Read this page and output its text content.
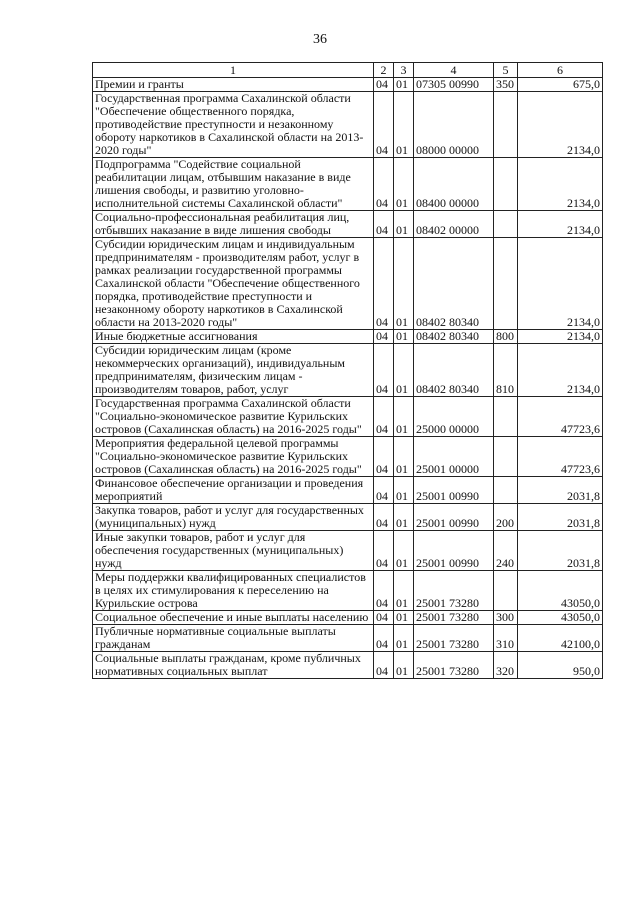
36
1	2	3	4	5	6
Премии и гранты	04	01	07305 00990	350	675,0
Государственная программа Сахалинской области "Обеспечение общественного порядка, противодействие преступности и незаконному обороту наркотиков в Сахалинской области на 2013-2020 годы"	04	01	08000 00000		2134,0
Подпрограмма "Содействие социальной реабилитации лицам, отбывшим наказание в виде лишения свободы, и развитию уголовно-исполнительной системы Сахалинской области"	04	01	08400 00000		2134,0
Социально-профессиональная реабилитация лиц, отбывших наказание в виде лишения свободы	04	01	08402 00000		2134,0
Субсидии юридическим лицам и индивидуальным предпринимателям - производителям работ, услуг в рамках реализации государственной программы Сахалинской области "Обеспечение общественного порядка, противодействие преступности и незаконному обороту наркотиков в Сахалинской области на 2013-2020 годы"	04	01	08402 80340		2134,0
Иные бюджетные ассигнования	04	01	08402 80340	800	2134,0
Субсидии юридическим лицам (кроме некоммерческих организаций), индивидуальным предпринимателям, физическим лицам - производителям товаров, работ, услуг	04	01	08402 80340	810	2134,0
Государственная программа Сахалинской области "Социально-экономическое развитие Курильских островов (Сахалинская область) на 2016-2025 годы"	04	01	25000 00000		47723,6
Мероприятия федеральной целевой программы "Социально-экономическое развитие Курильских островов (Сахалинская область) на 2016-2025 годы"	04	01	25001 00000		47723,6
Финансовое обеспечение организации и проведения мероприятий	04	01	25001 00990		2031,8
Закупка товаров, работ и услуг для государственных (муниципальных) нужд	04	01	25001 00990	200	2031,8
Иные закупки товаров, работ и услуг для обеспечения государственных (муниципальных) нужд	04	01	25001 00990	240	2031,8
Меры поддержки квалифицированных специалистов в целях их стимулирования к переселению на Курильские острова	04	01	25001 73280		43050,0
Социальное обеспечение и иные выплаты населению	04	01	25001 73280	300	43050,0
Публичные нормативные социальные выплаты гражданам	04	01	25001 73280	310	42100,0
Социальные выплаты гражданам, кроме публичных нормативных социальных выплат	04	01	25001 73280	320	950,0
